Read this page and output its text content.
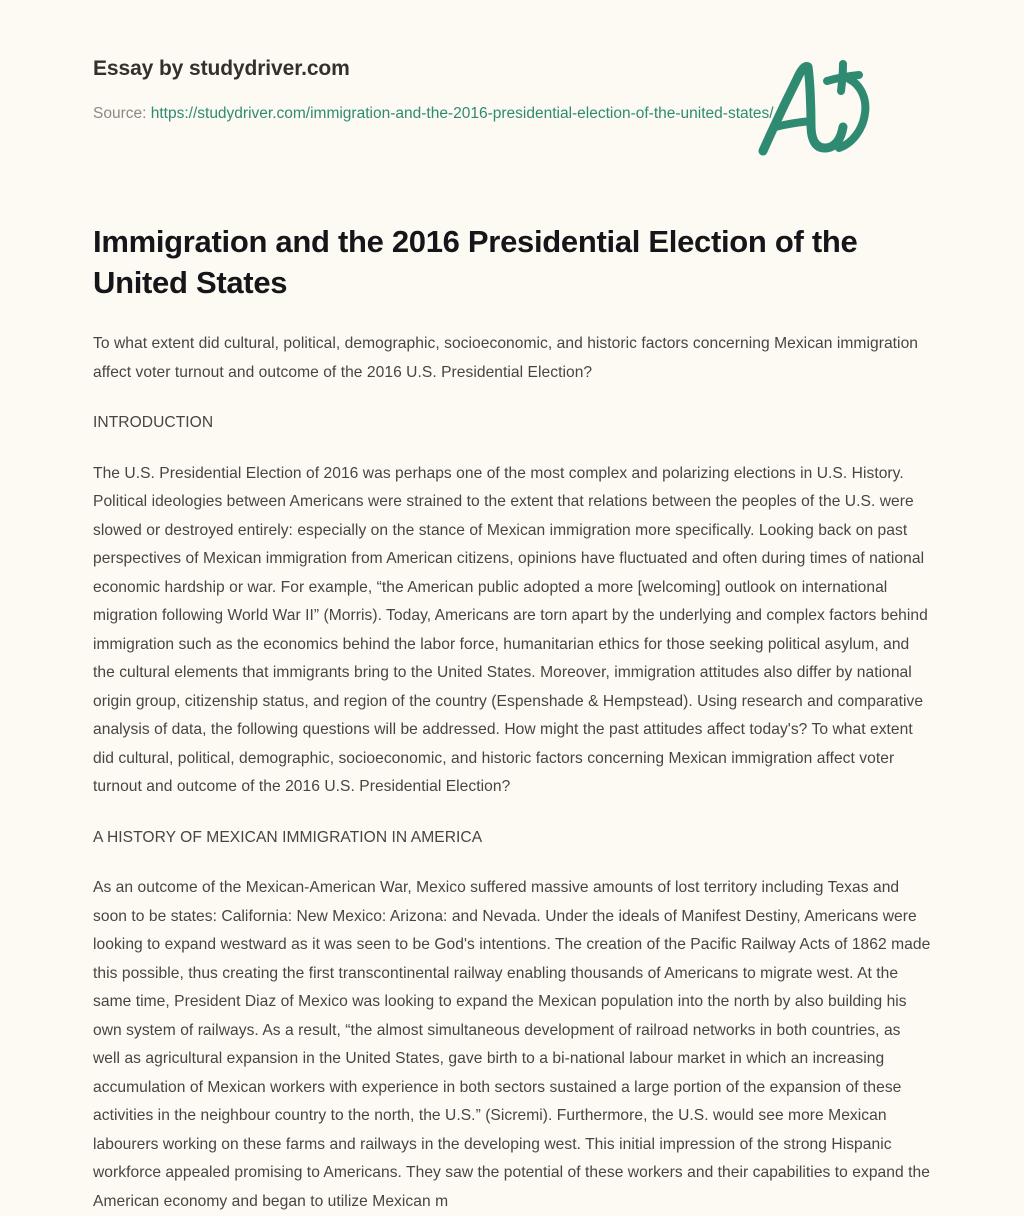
Essay by studydriver.com
Source: https://studydriver.com/immigration-and-the-2016-presidential-election-of-the-united-states/
Immigration and the 2016 Presidential Election of the United States

To what extent did cultural, political, demographic, socioeconomic, and historic factors concerning Mexican immigration affect voter turnout and outcome of the 2016 U.S. Presidential Election?

INTRODUCTION

The U.S. Presidential Election of 2016 was perhaps one of the most complex and polarizing elections in U.S. History. Political ideologies between Americans were strained to the extent that relations between the peoples of the U.S. were slowed or destroyed entirely: especially on the stance of Mexican immigration more specifically. Looking back on past perspectives of Mexican immigration from American citizens, opinions have fluctuated and often during times of national economic hardship or war. For example, “the American public adopted a more [welcoming] outlook on international migration following World War II” (Morris). Today, Americans are torn apart by the underlying and complex factors behind immigration such as the economics behind the labor force, humanitarian ethics for those seeking political asylum, and the cultural elements that immigrants bring to the United States. Moreover, immigration attitudes also differ by national origin group, citizenship status, and region of the country (Espenshade & Hempstead). Using research and comparative analysis of data, the following questions will be addressed. How might the past attitudes affect today's? To what extent did cultural, political, demographic, socioeconomic, and historic factors concerning Mexican immigration affect voter turnout and outcome of the 2016 U.S. Presidential Election?

A HISTORY OF MEXICAN IMMIGRATION IN AMERICA

As an outcome of the Mexican-American War, Mexico suffered massive amounts of lost territory including Texas and soon to be states: California: New Mexico: Arizona: and Nevada. Under the ideals of Manifest Destiny, Americans were looking to expand westward as it was seen to be God's intentions. The creation of the Pacific Railway Acts of 1862 made this possible, thus creating the first transcontinental railway enabling thousands of Americans to migrate west. At the same time, President Diaz of Mexico was looking to expand the Mexican population into the north by also building his own system of railways. As a result, “the almost simultaneous development of railroad networks in both countries, as well as agricultural expansion in the United States, gave birth to a bi-national labour market in which an increasing accumulation of Mexican workers with experience in both sectors sustained a large portion of the expansion of these activities in the neighbour country to the north, the U.S.” (Sicremi). Furthermore, the U.S. would see more Mexican labourers working on these farms and railways in the developing west. This initial impression of the strong Hispanic workforce appealed promising to Americans. They saw the potential of these workers and their capabilities to expand the American economy and began to utilize Mexican m
